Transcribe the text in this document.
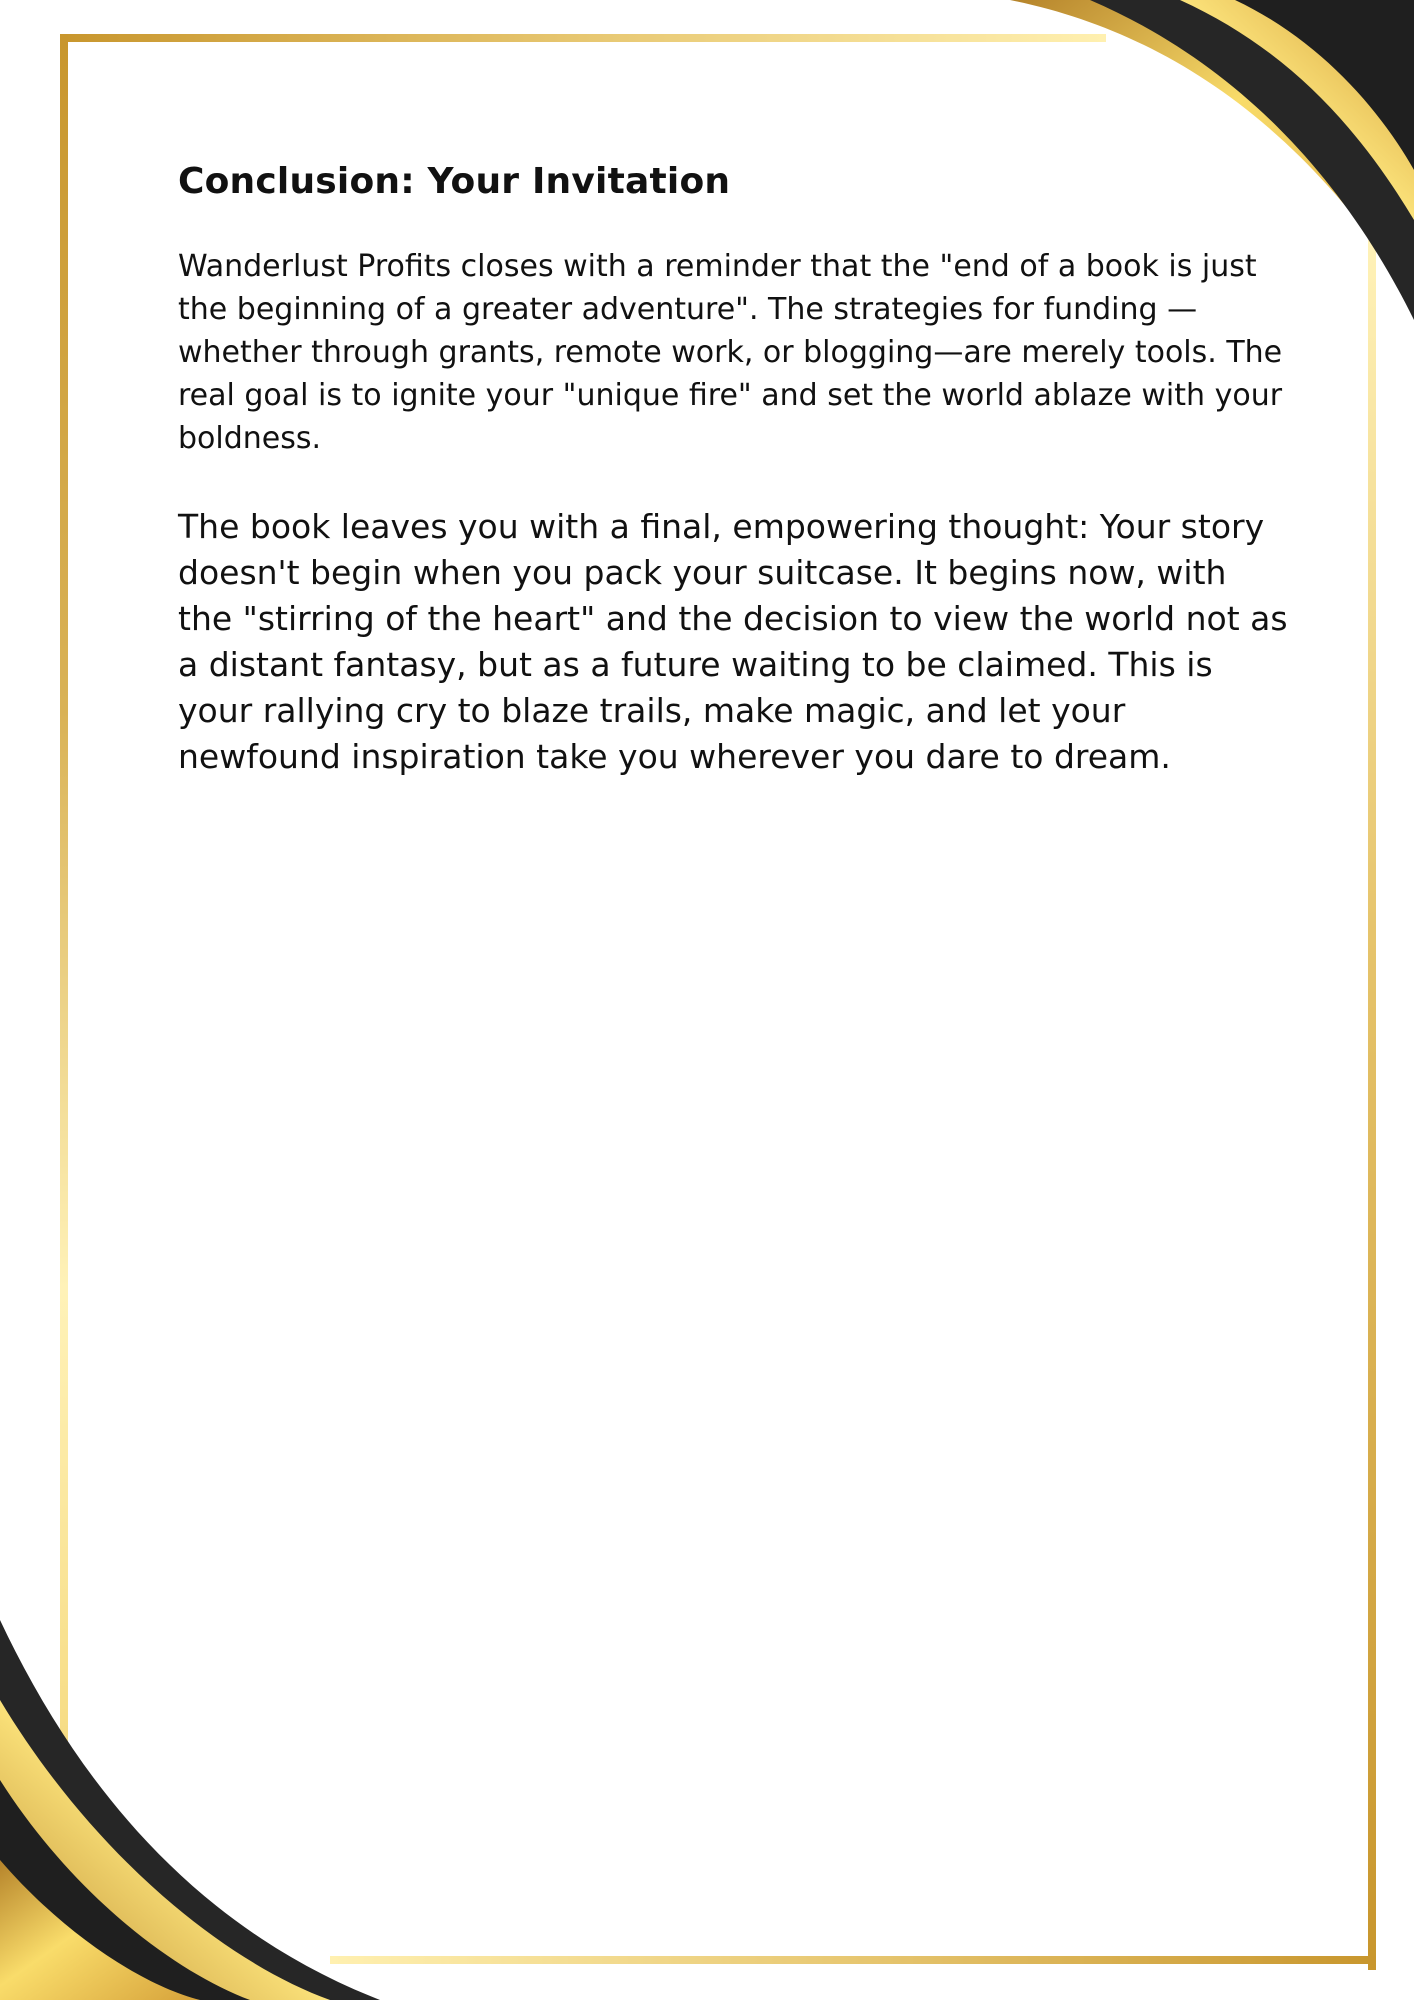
Conclusion: Your Invitation

Wanderlust Profits closes with a reminder that the "end of a book is just the beginning of a greater adventure". The strategies for funding —whether through grants, remote work, or blogging—are merely tools. The real goal is to ignite your "unique fire" and set the world ablaze with your boldness.

The book leaves you with a final, empowering thought: Your story doesn't begin when you pack your suitcase. It begins now, with the "stirring of the heart" and the decision to view the world not as a distant fantasy, but as a future waiting to be claimed. This is your rallying cry to blaze trails, make magic, and let your newfound inspiration take you wherever you dare to dream.
